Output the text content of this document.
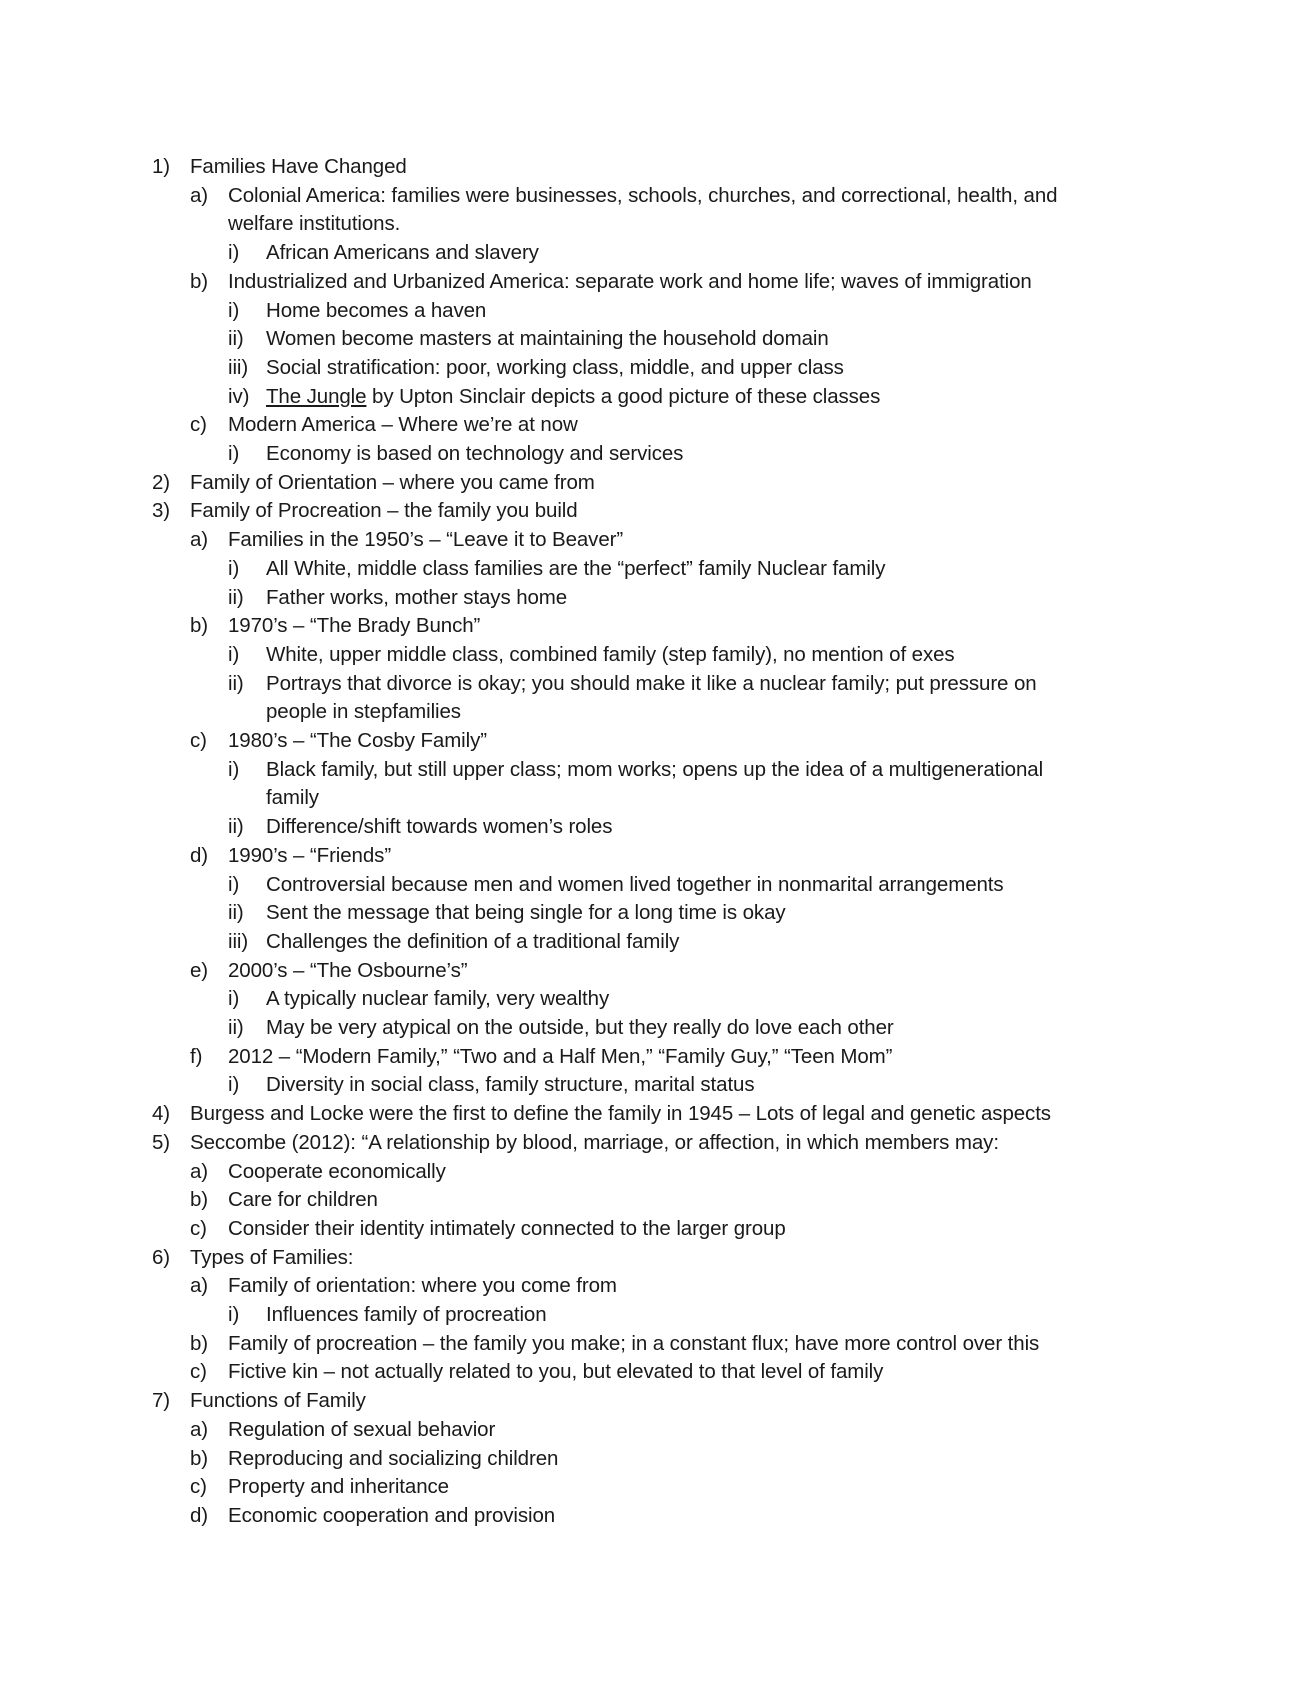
1) Families Have Changed
a) Colonial America: families were businesses, schools, churches, and correctional, health, and
welfare institutions.
i) African Americans and slavery
b) Industrialized and Urbanized America: separate work and home life; waves of immigration
i) Home becomes a haven
ii) Women become masters at maintaining the household domain
iii) Social stratification: poor, working class, middle, and upper class
iv) The Jungle by Upton Sinclair depicts a good picture of these classes
c) Modern America – Where we’re at now
i) Economy is based on technology and services
2) Family of Orientation – where you came from
3) Family of Procreation – the family you build
a) Families in the 1950’s – “Leave it to Beaver”
i) All White, middle class families are the “perfect” family Nuclear family
ii) Father works, mother stays home
b) 1970’s – “The Brady Bunch”
i) White, upper middle class, combined family (step family), no mention of exes
ii) Portrays that divorce is okay; you should make it like a nuclear family; put pressure on
people in stepfamilies
c) 1980’s – “The Cosby Family”
i) Black family, but still upper class; mom works; opens up the idea of a multigenerational
family
ii) Difference/shift towards women’s roles
d) 1990’s – “Friends”
i) Controversial because men and women lived together in nonmarital arrangements
ii) Sent the message that being single for a long time is okay
iii) Challenges the definition of a traditional family
e) 2000’s – “The Osbourne’s”
i) A typically nuclear family, very wealthy
ii) May be very atypical on the outside, but they really do love each other
f) 2012 – “Modern Family,” “Two and a Half Men,” “Family Guy,” “Teen Mom”
i) Diversity in social class, family structure, marital status
4) Burgess and Locke were the first to define the family in 1945 – Lots of legal and genetic aspects
5) Seccombe (2012): “A relationship by blood, marriage, or affection, in which members may:
a) Cooperate economically
b) Care for children
c) Consider their identity intimately connected to the larger group
6) Types of Families:
a) Family of orientation: where you come from
i) Influences family of procreation
b) Family of procreation – the family you make; in a constant flux; have more control over this
c) Fictive kin – not actually related to you, but elevated to that level of family
7) Functions of Family
a) Regulation of sexual behavior
b) Reproducing and socializing children
c) Property and inheritance
d) Economic cooperation and provision
